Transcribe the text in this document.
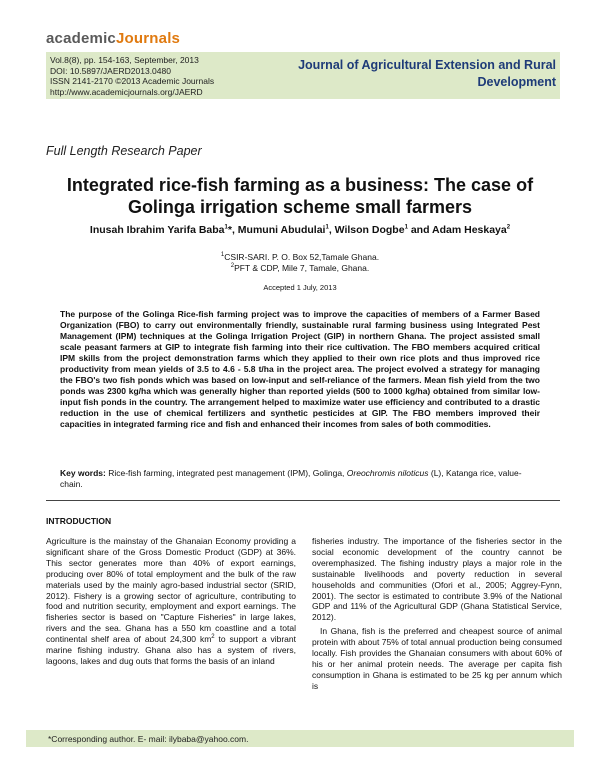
academicJournals
Vol.8(8), pp. 154-163, September, 2013
DOI: 10.5897/JAERD2013.0480
ISSN 2141-2170 ©2013 Academic Journals
http://www.academicjournals.org/JAERD
Journal of Agricultural Extension and Rural Development
Full Length Research Paper
Integrated rice-fish farming as a business: The case of Golinga irrigation scheme small farmers
Inusah Ibrahim Yarifa Baba$^1$*, Mumuni Abudulai$^1$, Wilson Dogbe$^1$ and Adam Heskaya$^2$
$^1$CSIR-SARI. P. O. Box 52,Tamale Ghana.
$^2$PFT & CDP, Mile 7, Tamale, Ghana.
Accepted 1 July, 2013
The purpose of the Golinga Rice-fish farming project was to improve the capacities of members of a Farmer Based Organization (FBO) to carry out environmentally friendly, sustainable rural farming business using Integrated Pest Management (IPM) techniques at the Golinga Irrigation Project (GIP) in northern Ghana. The project assisted small scale peasant farmers at GIP to integrate fish farming into their rice cultivation. The FBO members acquired critical IPM skills from the project demonstration farms which they applied to their own rice plots and thus improved rice productivity from mean yields of 3.5 to 4.6 - 5.8 t/ha in the project area. The project evolved a strategy for managing the FBO's two fish ponds which was based on low-input and self-reliance of the farmers. Mean fish yield from the two ponds was 2300 kg/ha which was generally higher than reported yields (500 to 1000 kg/ha) obtained from similar low-input fish ponds in the country. The arrangement helped to maximize water use efficiency and contributed to a drastic reduction in the use of chemical fertilizers and synthetic pesticides at GIP. The FBO members improved their capacities in integrated farming rice and fish and enhanced their incomes from sales of both commodities.
Key words: Rice-fish farming, integrated pest management (IPM), Golinga, Oreochromis niloticus (L), Katanga rice, value- chain.
INTRODUCTION

Agriculture is the mainstay of the Ghanaian Economy providing a significant share of the Gross Domestic Product (GDP) at 36%. This sector generates more than 40% of export earnings, producing over 80% of total employment and the bulk of the raw materials used by the mainly agro-based industrial sector (SRID, 2012). Fishery is a growing sector of agriculture, contributing to food and nutrition security, employment and export earnings. The fisheries sector is based on "Capture Fisheries" in large lakes, rivers and the sea. Ghana has a 550 km coastline and a total continental shelf area of about 24,300 $km^2$ to support a vibrant marine fishing industry. Ghana also has a system of rivers, lagoons, lakes and dug outs that forms the basis of an inland

fisheries industry. The importance of the fisheries sector in the social economic development of the country cannot be overemphasized. The fishing industry plays a major role in the sustainable livelihoods and poverty reduction in several households and communities (Ofori et al., 2005; Aggrey-Fynn, 2001). The sector is estimated to contribute 3.9% of the National GDP and 11% of the Agricultural GDP (Ghana Statistical Service, 2012).

In Ghana, fish is the preferred and cheapest source of animal protein with about 75% of total annual production being consumed locally. Fish provides the Ghanaian consumers with about 60% of his or her animal protein needs. The average per capita fish consumption in Ghana is estimated to be 25 kg per annum which is

*Corresponding author. E- mail: ilybaba@yahoo.com.
